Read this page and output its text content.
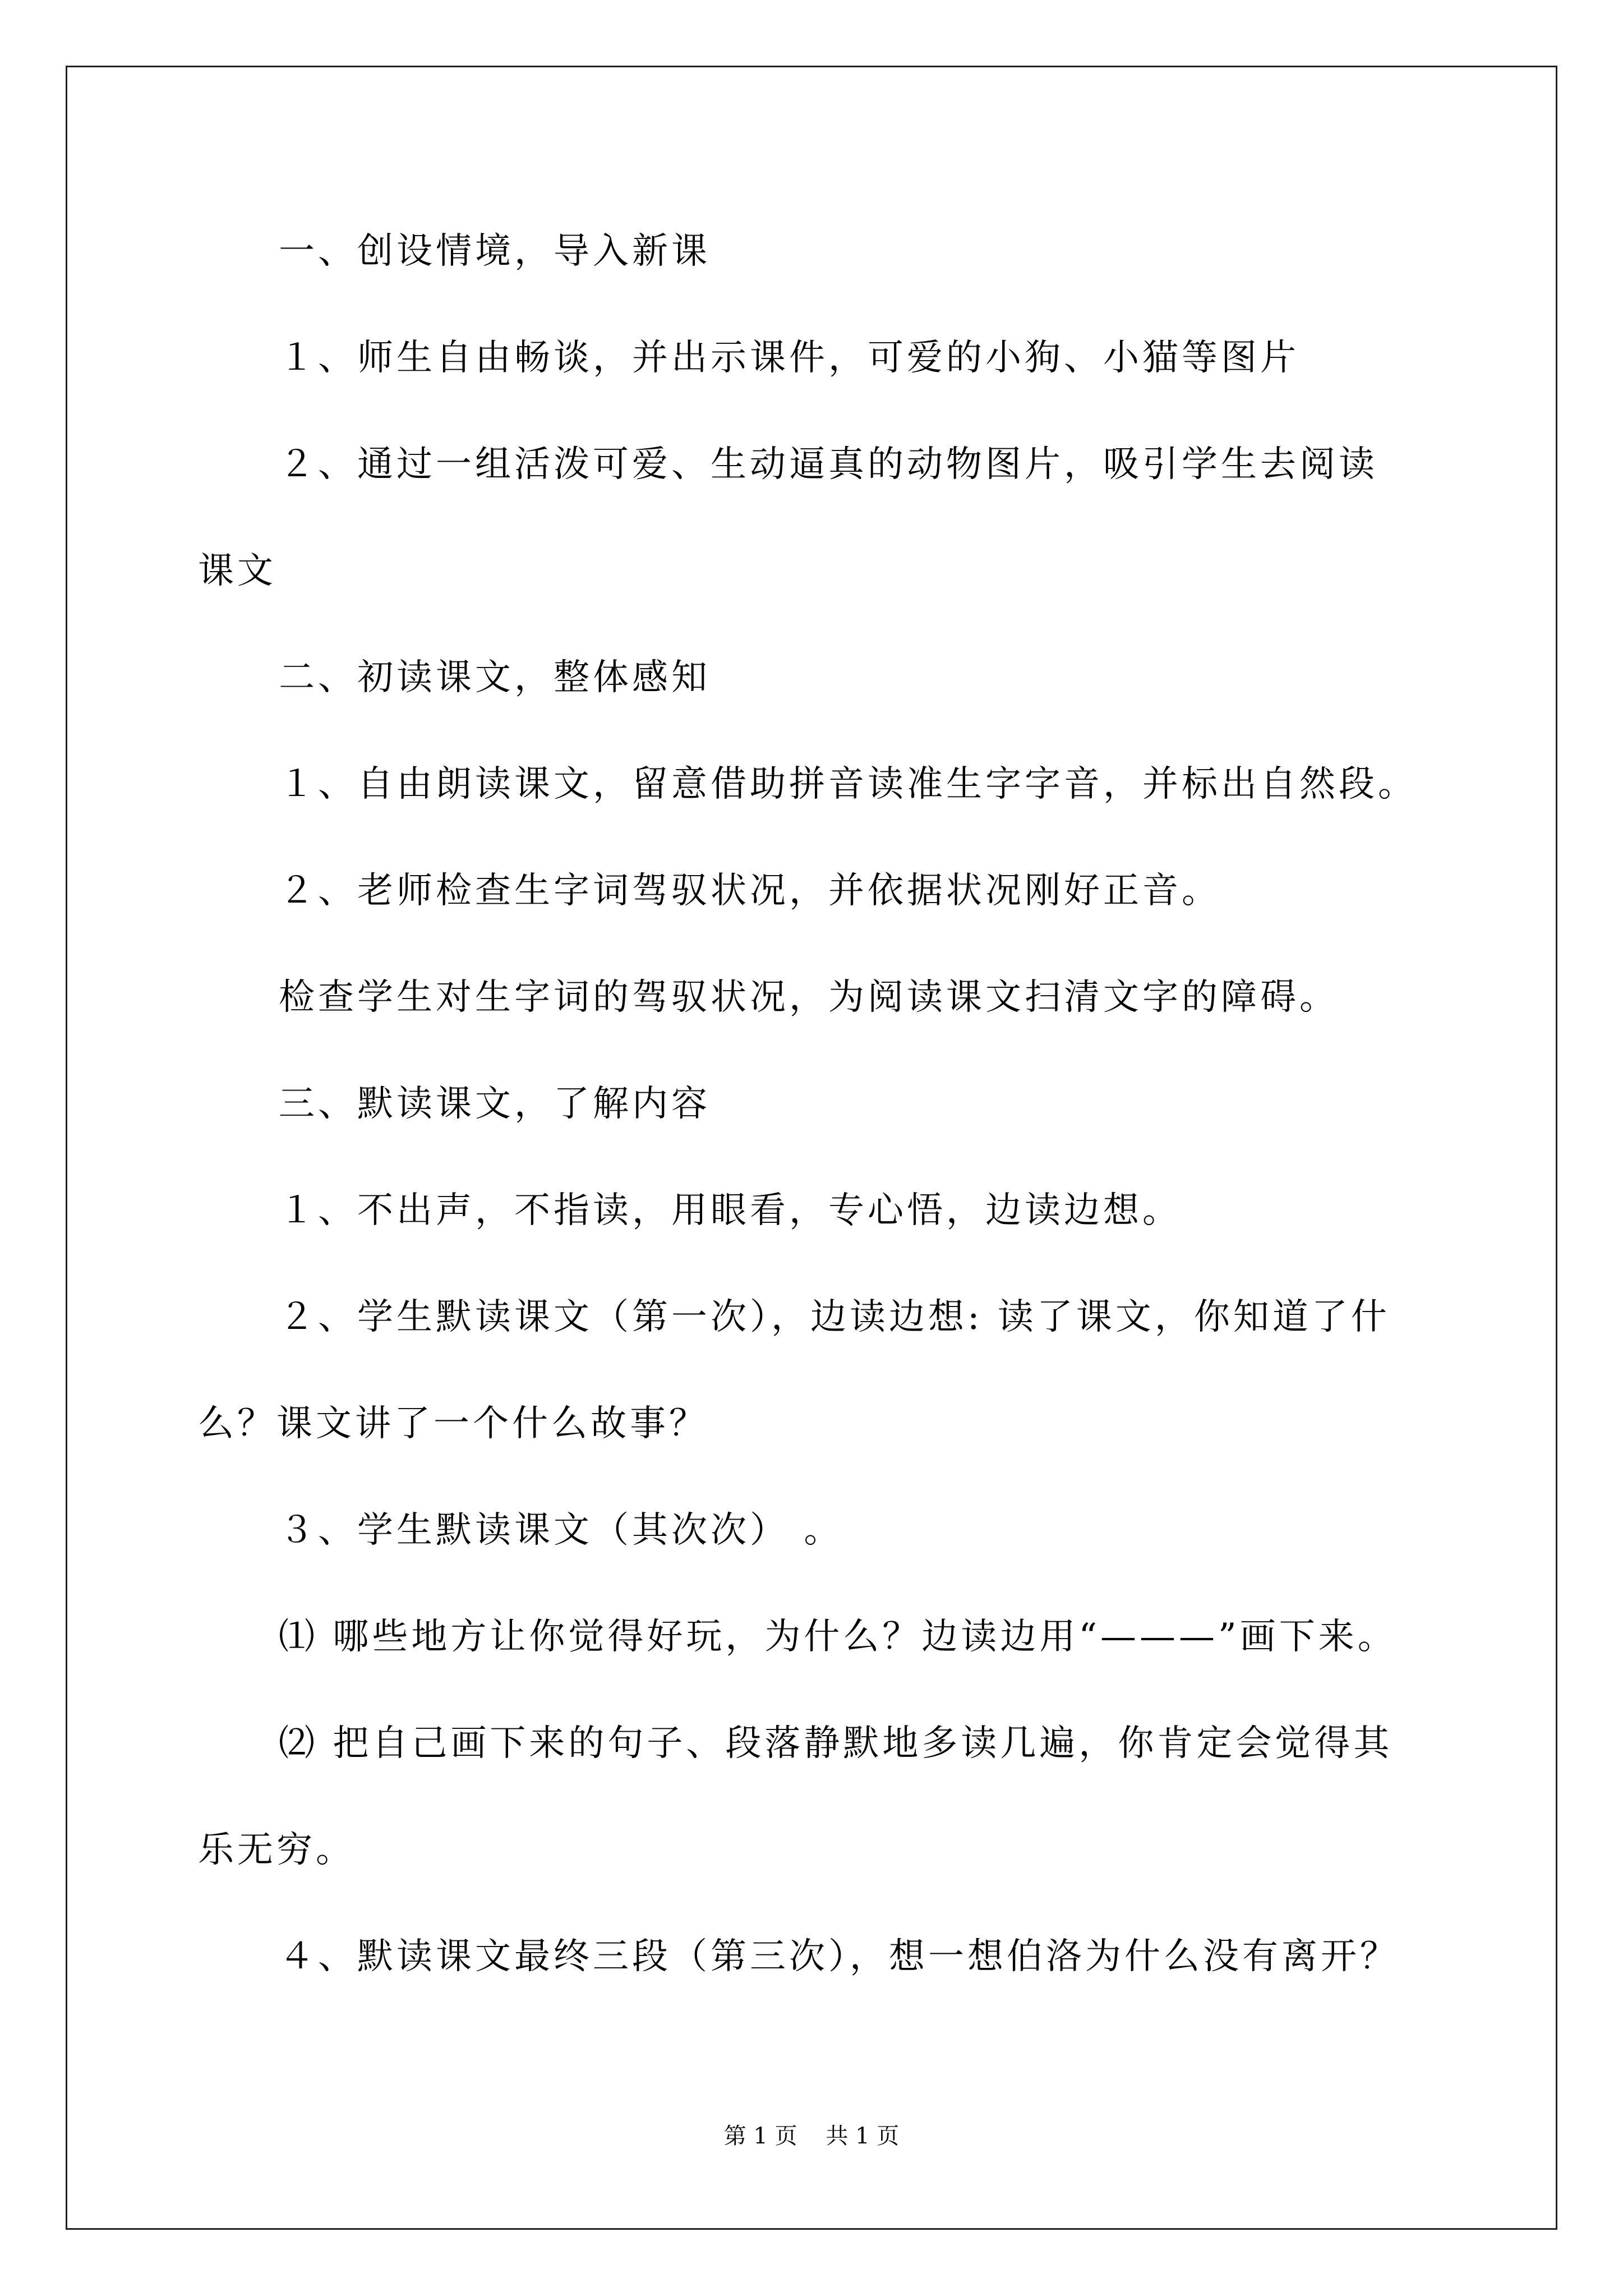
一、创设情境，导入新课
１、师生自由畅谈，并出示课件，可爱的小狗、小猫等图片
２、通过一组活泼可爱、生动逼真的动物图片，吸引学生去阅读
课文
二、初读课文，整体感知
１、自由朗读课文，留意借助拼音读准生字字音，并标出自然段。
２、老师检查生字词驾驭状况，并依据状况刚好正音。
检查学生对生字词的驾驭状况，为阅读课文扫清文字的障碍。
三、默读课文，了解内容
１、不出声，不指读，用眼看，专心悟，边读边想。
２、学生默读课文（第一次），边读边想: 读了课文，你知道了什
么？课文讲了一个什么故事？
３、学生默读课文（其次次） 。
⑴ 哪些地方让你觉得好玩，为什么？边读边用“———”画下来。
⑵ 把自己画下来的句子、段落静默地多读几遍，你肯定会觉得其
乐无穷。
４、默读课文最终三段（第三次），想一想伯洛为什么没有离开？
第 1 页    共 1 页
